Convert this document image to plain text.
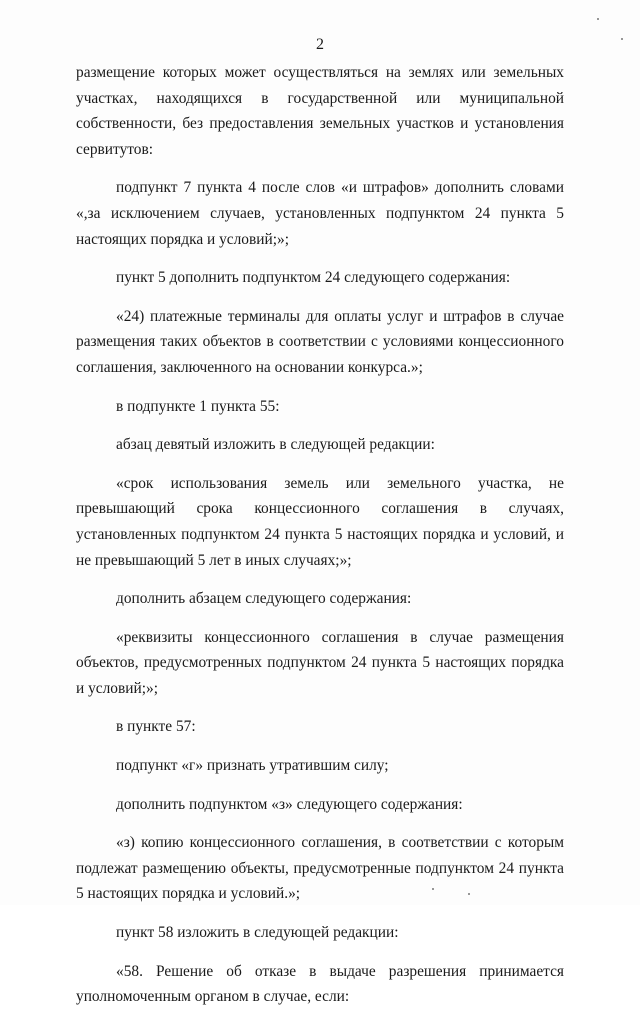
2

размещение которых может осуществляться на землях или земельных участках, находящихся в государственной или муниципальной собственности, без предоставления земельных участков и установления сервитутов:

подпункт 7 пункта 4 после слов «и штрафов» дополнить словами «,за исключением случаев, установленных подпунктом 24 пункта 5 настоящих порядка и условий;»;

пункт 5 дополнить подпунктом 24 следующего содержания:

«24) платежные терминалы для оплаты услуг и штрафов в случае размещения таких объектов в соответствии с условиями концессионного соглашения, заключенного на основании конкурса.»;

в подпункте 1 пункта 55:

абзац девятый изложить в следующей редакции:

«срок использования земель или земельного участка, не превышающий срока концессионного соглашения в случаях, установленных подпунктом 24 пункта 5 настоящих порядка и условий, и не превышающий 5 лет в иных случаях;»;

дополнить абзацем следующего содержания:

«реквизиты концессионного соглашения в случае размещения объектов, предусмотренных подпунктом 24 пункта 5 настоящих порядка и условий;»;

в пункте 57:

подпункт «г» признать утратившим силу;

дополнить подпунктом «з» следующего содержания:

«з) копию концессионного соглашения, в соответствии с которым подлежат размещению объекты, предусмотренные подпунктом 24 пункта 5 настоящих порядка и условий.»;

пункт 58 изложить в следующей редакции:

«58. Решение об отказе в выдаче разрешения принимается уполномоченным органом в случае, если:
